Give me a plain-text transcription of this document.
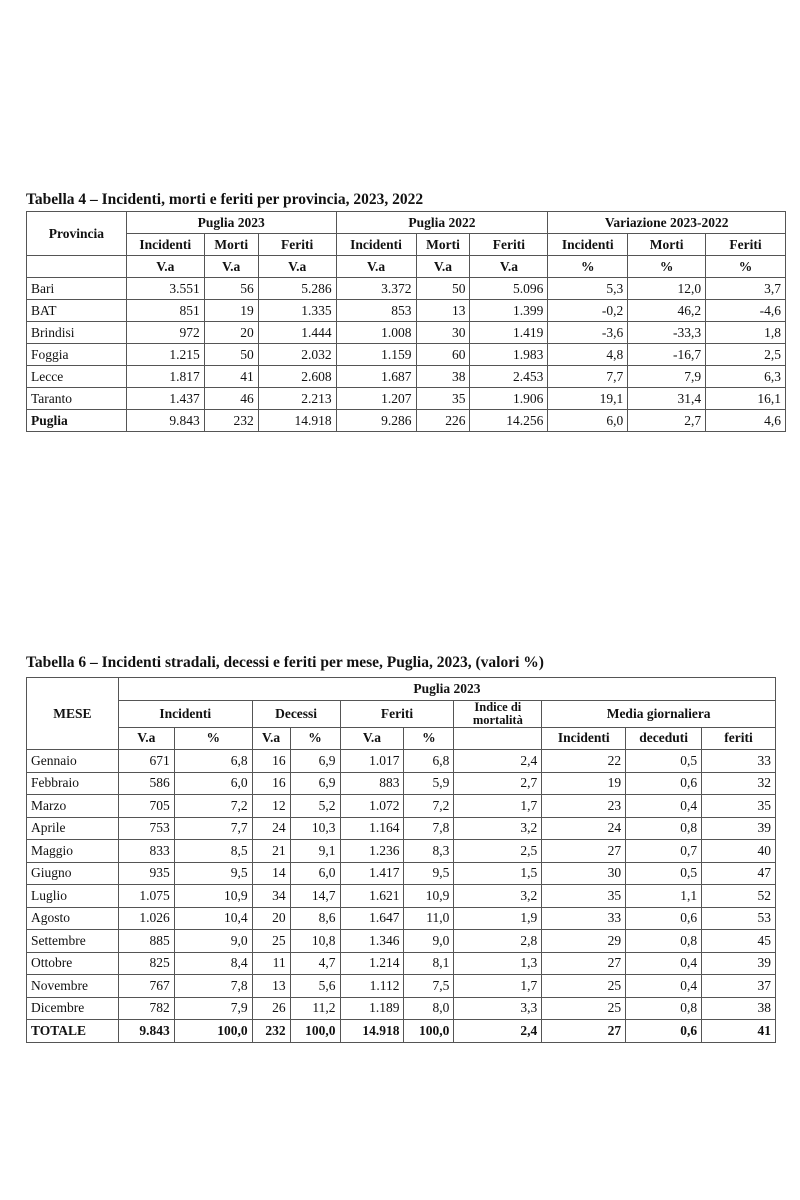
Tabella 4 – Incidenti, morti e feriti per provincia, 2023, 2022
Provincia	Puglia 2023			Puglia 2022			Variazione 2023-2022		
	Incidenti	Morti	Feriti	Incidenti	Morti	Feriti	Incidenti	Morti	Feriti
	V.a	V.a	V.a	V.a	V.a	V.a	%	%	%
Bari	3.551	56	5.286	3.372	50	5.096	5,3	12,0	3,7
BAT	851	19	1.335	853	13	1.399	-0,2	46,2	-4,6
Brindisi	972	20	1.444	1.008	30	1.419	-3,6	-33,3	1,8
Foggia	1.215	50	2.032	1.159	60	1.983	4,8	-16,7	2,5
Lecce	1.817	41	2.608	1.687	38	2.453	7,7	7,9	6,3
Taranto	1.437	46	2.213	1.207	35	1.906	19,1	31,4	16,1
Puglia	9.843	232	14.918	9.286	226	14.256	6,0	2,7	4,6
Tabella 6 – Incidenti stradali, decessi e feriti per mese, Puglia, 2023, (valori %)
MESE	Puglia 2023									
	Incidenti		Decessi		Feriti		Indice di mortalità	Media giornaliera		
	V.a	%	V.a	%	V.a	%		Incidenti	deceduti	feriti
Gennaio	671	6,8	16	6,9	1.017	6,8	2,4	22	0,5	33
Febbraio	586	6,0	16	6,9	883	5,9	2,7	19	0,6	32
Marzo	705	7,2	12	5,2	1.072	7,2	1,7	23	0,4	35
Aprile	753	7,7	24	10,3	1.164	7,8	3,2	24	0,8	39
Maggio	833	8,5	21	9,1	1.236	8,3	2,5	27	0,7	40
Giugno	935	9,5	14	6,0	1.417	9,5	1,5	30	0,5	47
Luglio	1.075	10,9	34	14,7	1.621	10,9	3,2	35	1,1	52
Agosto	1.026	10,4	20	8,6	1.647	11,0	1,9	33	0,6	53
Settembre	885	9,0	25	10,8	1.346	9,0	2,8	29	0,8	45
Ottobre	825	8,4	11	4,7	1.214	8,1	1,3	27	0,4	39
Novembre	767	7,8	13	5,6	1.112	7,5	1,7	25	0,4	37
Dicembre	782	7,9	26	11,2	1.189	8,0	3,3	25	0,8	38
TOTALE	9.843	100,0	232	100,0	14.918	100,0	2,4	27	0,6	41
